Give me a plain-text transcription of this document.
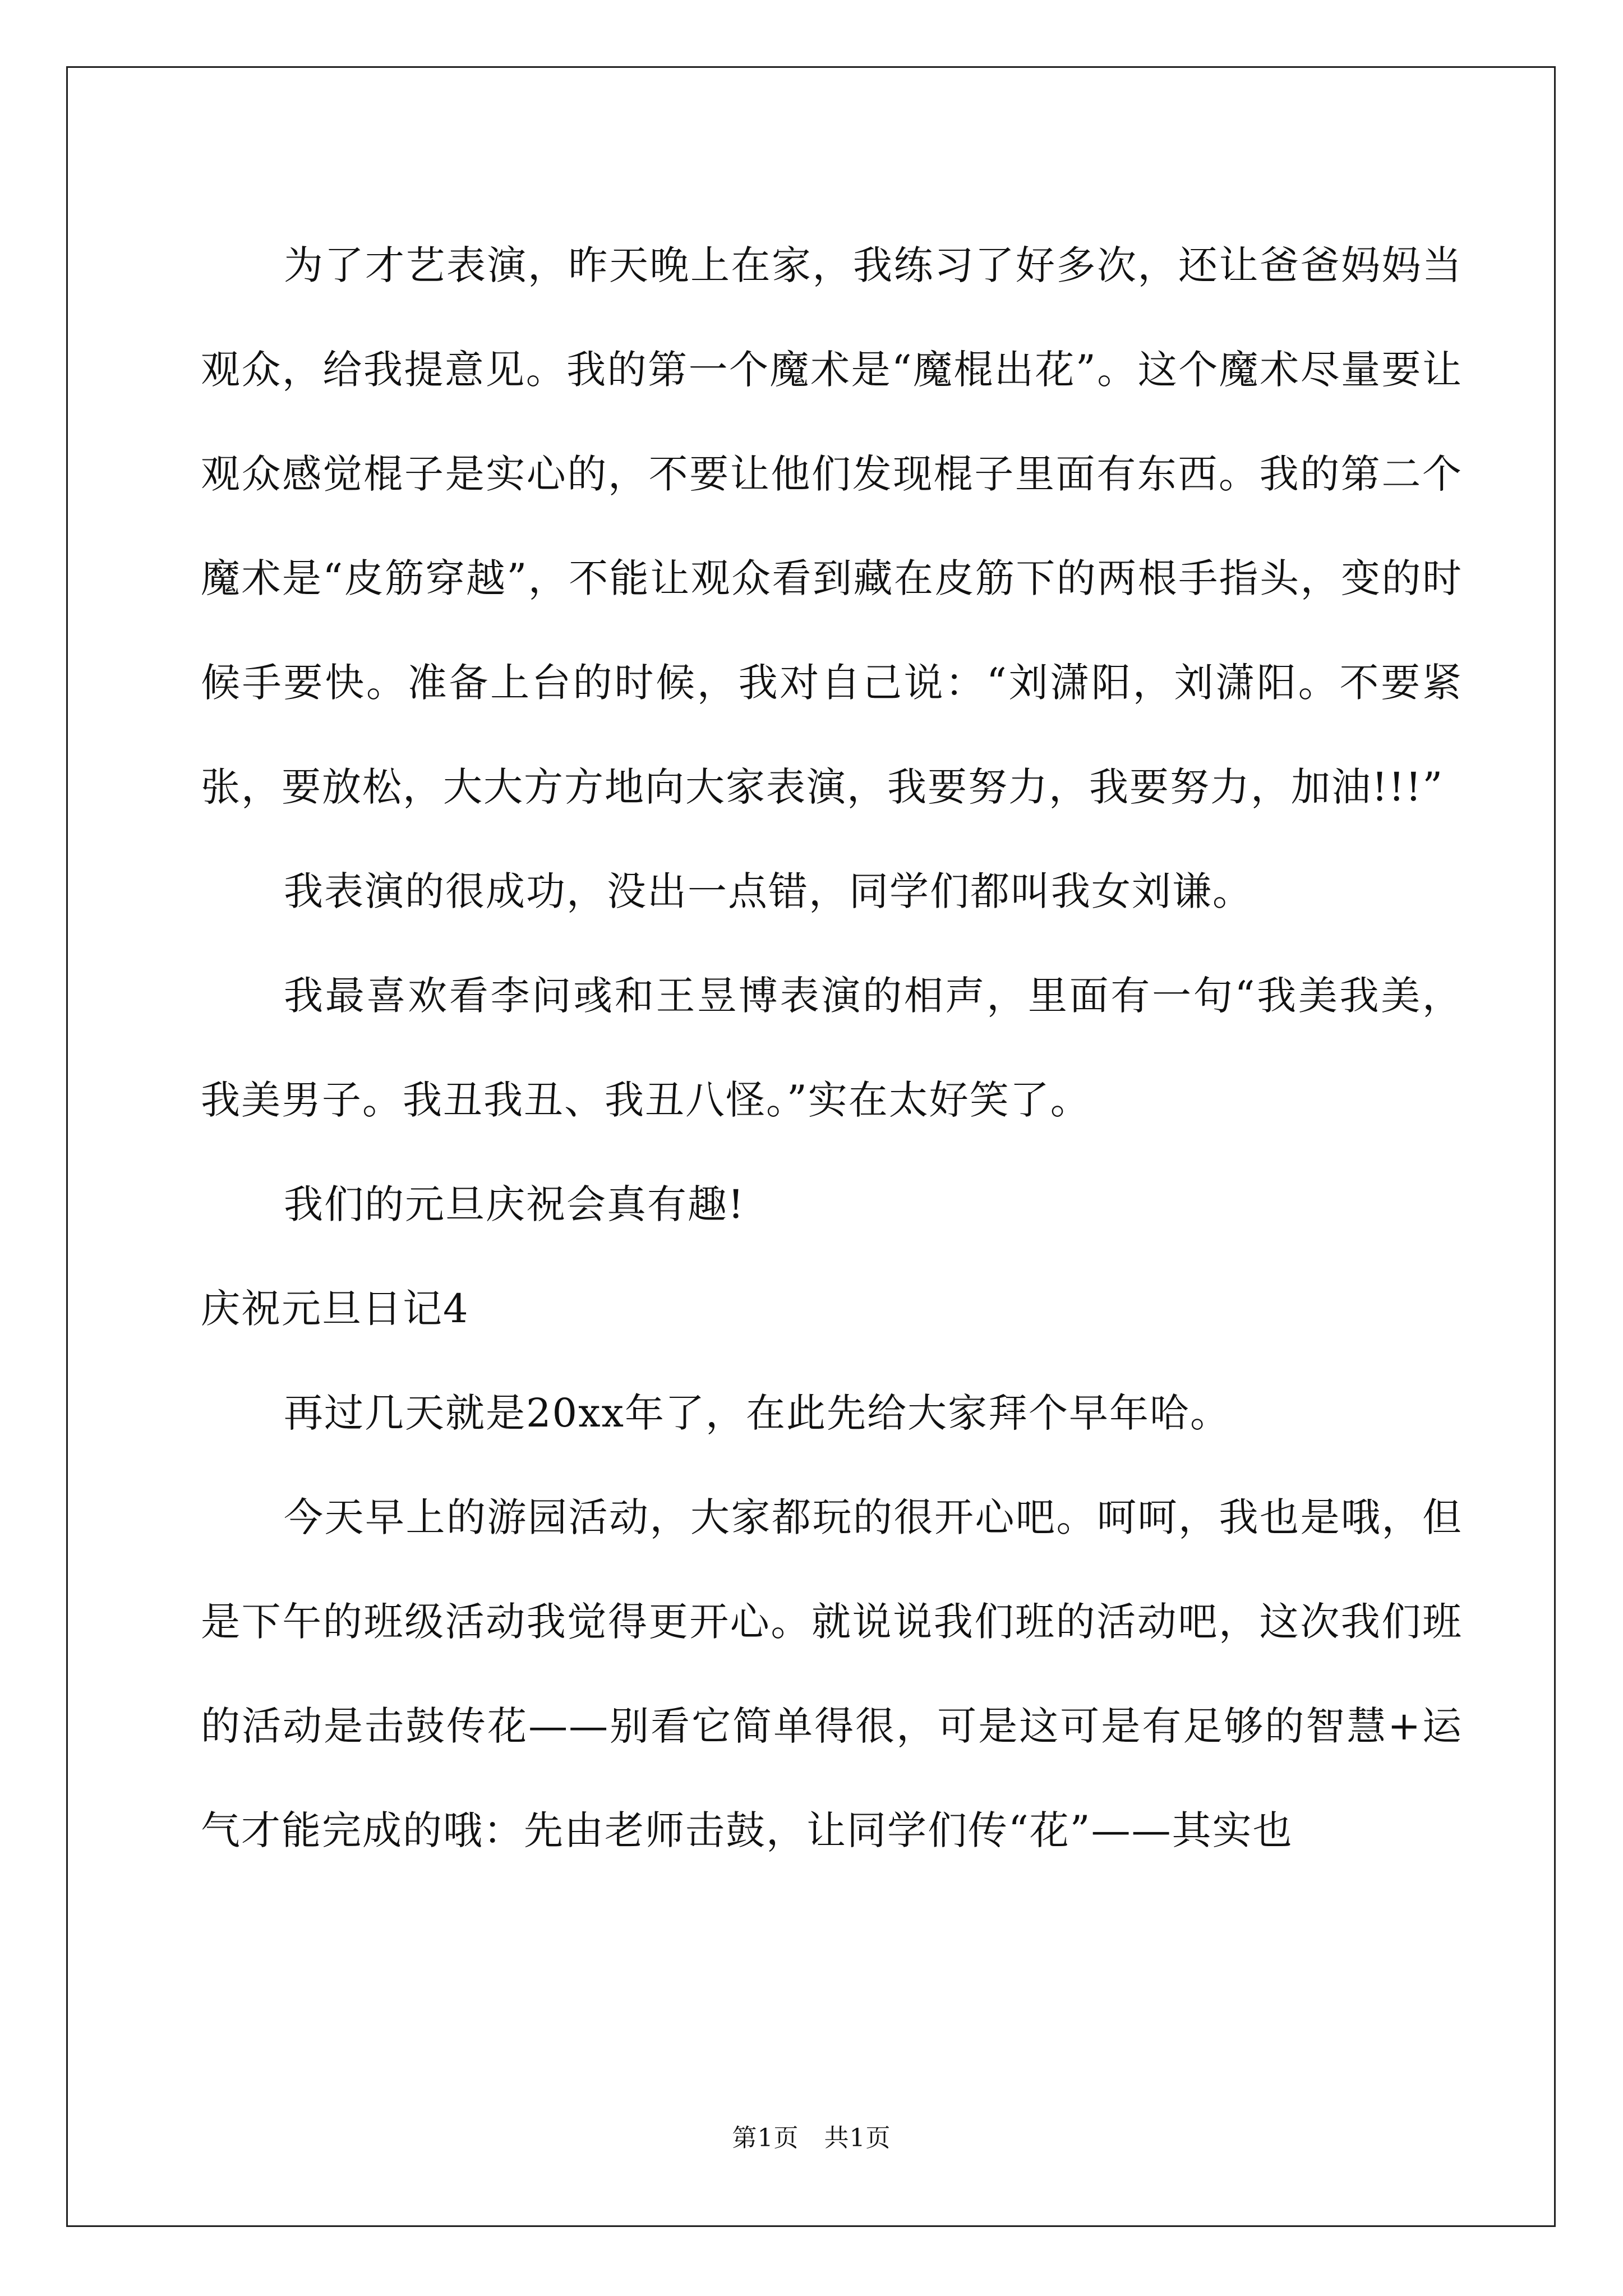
为了才艺表演，昨天晚上在家，我练习了好多次，还让爸爸妈妈当观众，给我提意见。我的第一个魔术是“魔棍出花”。这个魔术尽量要让观众感觉棍子是实心的，不要让他们发现棍子里面有东西。我的第二个魔术是“皮筋穿越”，不能让观众看到藏在皮筋下的两根手指头，变的时候手要快。准备上台的时候，我对自己说：“刘潇阳，刘潇阳。不要紧张，要放松，大大方方地向大家表演，我要努力，我要努力，加油!!!”

我表演的很成功，没出一点错，同学们都叫我女刘谦。

我最喜欢看李问彧和王昱博表演的相声，里面有一句“我美我美，我美男子。我丑我丑、我丑八怪。”实在太好笑了。

我们的元旦庆祝会真有趣!

庆祝元旦日记4

再过几天就是20xx年了，在此先给大家拜个早年哈。

今天早上的游园活动，大家都玩的很开心吧。呵呵，我也是哦，但是下午的班级活动我觉得更开心。就说说我们班的活动吧，这次我们班的活动是击鼓传花——别看它简单得很，可是这可是有足够的智慧+运气才能完成的哦：先由老师击鼓，让同学们传“花”——其实也

第1页　共1页
